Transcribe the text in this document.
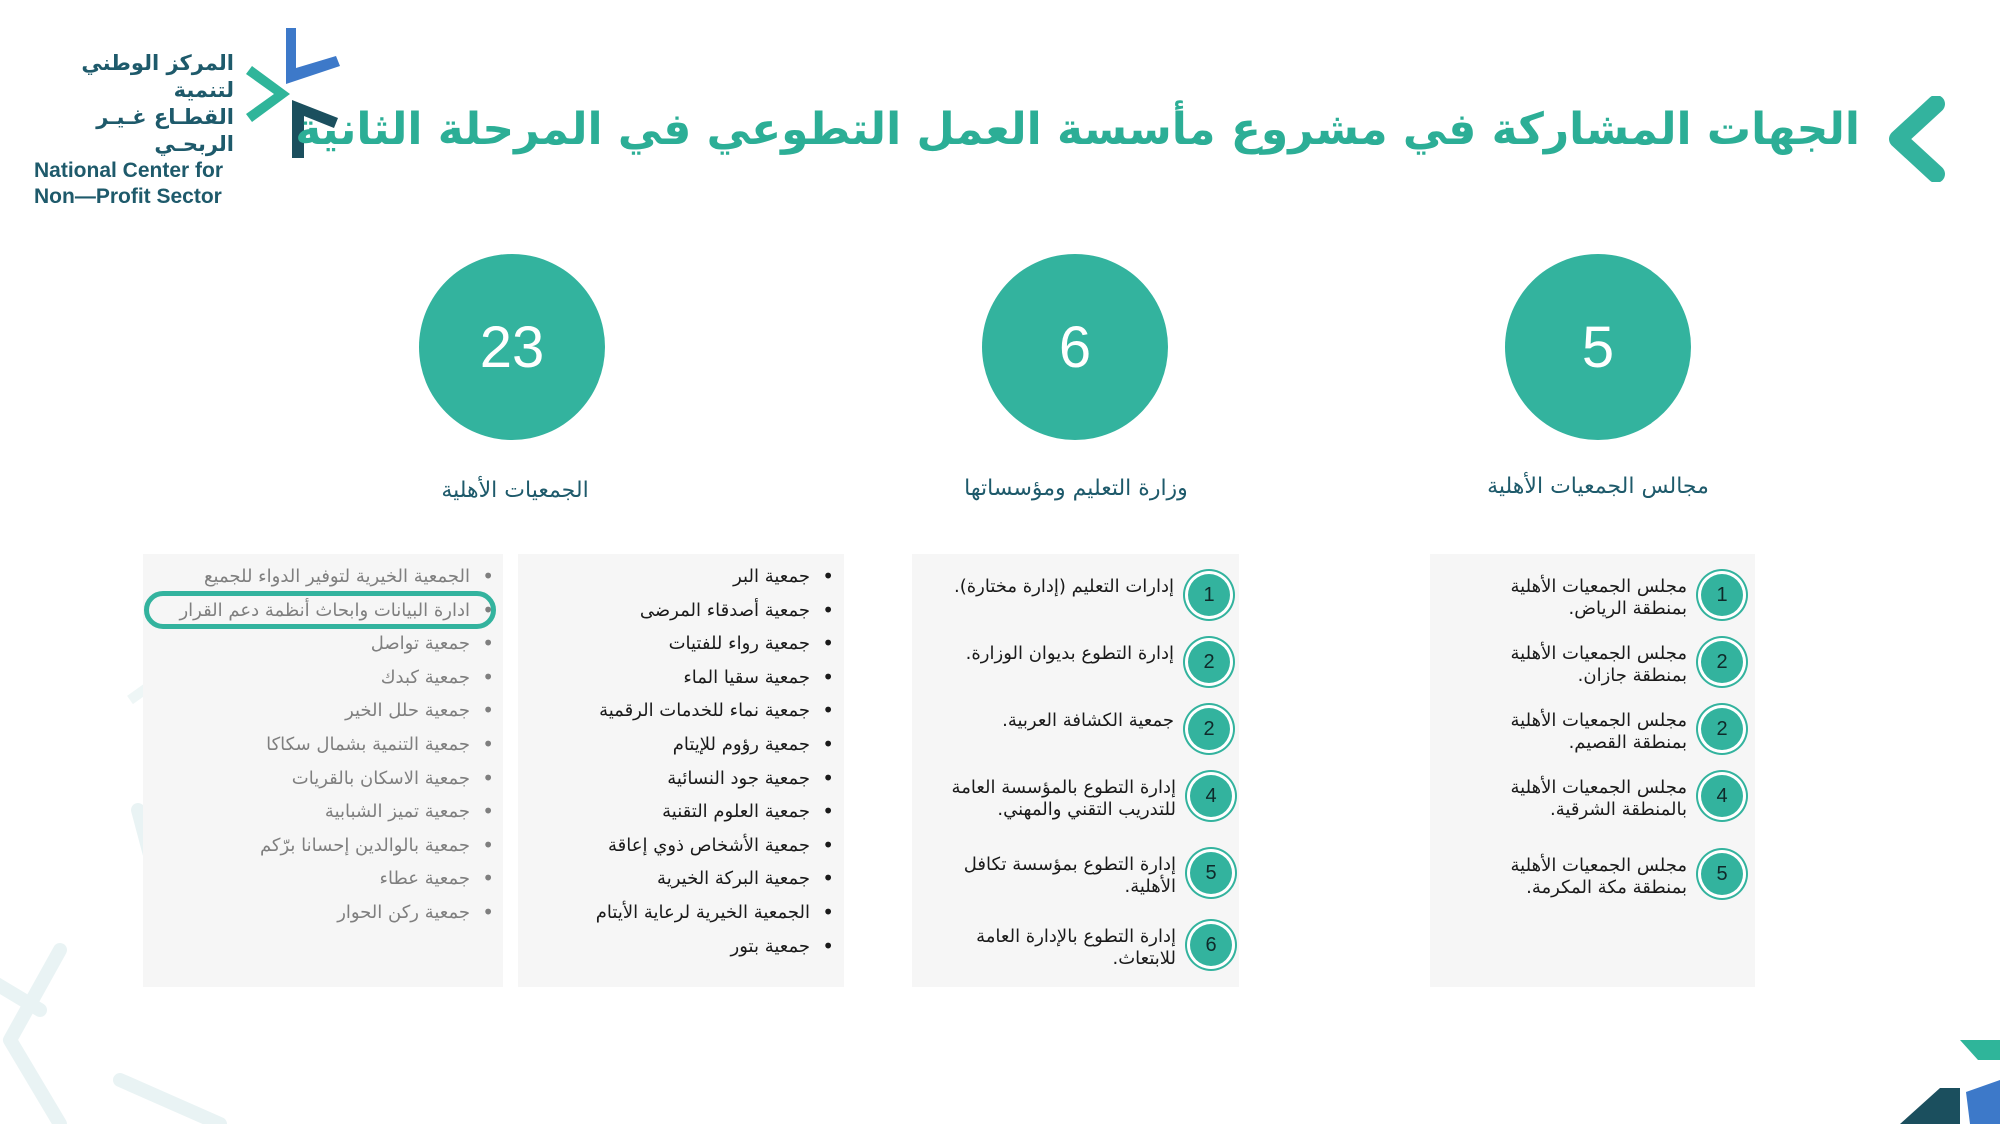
المركز الوطني لتنمية
القطـاع غـيـر الربحـي
National Center for
Non—Profit Sector
الجهات المشاركة في مشروع مأسسة العمل التطوعي في المرحلة الثانية
5
مجالس الجمعيات الأهلية
1
مجلس الجمعيات الأهلية
بمنطقة الرياض.
2
مجلس الجمعيات الأهلية
بمنطقة جازان.
2
مجلس الجمعيات الأهلية
بمنطقة القصيم.
4
مجلس الجمعيات الأهلية
بالمنطقة الشرقية.
5
مجلس الجمعيات الأهلية
بمنطقة مكة المكرمة.
6
وزارة التعليم ومؤسساتها
1
إدارات التعليم (إدارة مختارة).
2
إدارة التطوع بديوان الوزارة.
2
جمعية الكشافة العربية.
4
إدارة التطوع بالمؤسسة العامة
للتدريب التقني والمهني.
5
إدارة التطوع بمؤسسة تكافل
الأهلية.
6
إدارة التطوع بالإدارة العامة
للابتعاث.
23
الجمعيات الأهلية
• جمعية البر
• جمعية أصدقاء المرضى
• جمعية رواء للفتيات
• جمعية سقيا الماء
• جمعية نماء للخدمات الرقمية
• جمعية رؤوم للإيتام
• جمعية جود النسائية
• جمعية العلوم التقنية
• جمعية الأشخاص ذوي إعاقة
• جمعية البركة الخيرية
• الجمعية الخيرية لرعاية الأيتام
• جمعية بتور
• الجمعية الخيرية لتوفير الدواء للجميع
• ادارة البيانات وابحاث أنظمة دعم القرار
• جمعية تواصل
• جمعية كبدك
• جمعية حلل الخير
• جمعية التنمية بشمال سكاكا
• جمعية الاسكان بالقريات
• جمعية تميز الشبابية
• جمعية بالوالدين إحسانا برّكم
• جمعية عطاء
• جمعية ركن الحوار
